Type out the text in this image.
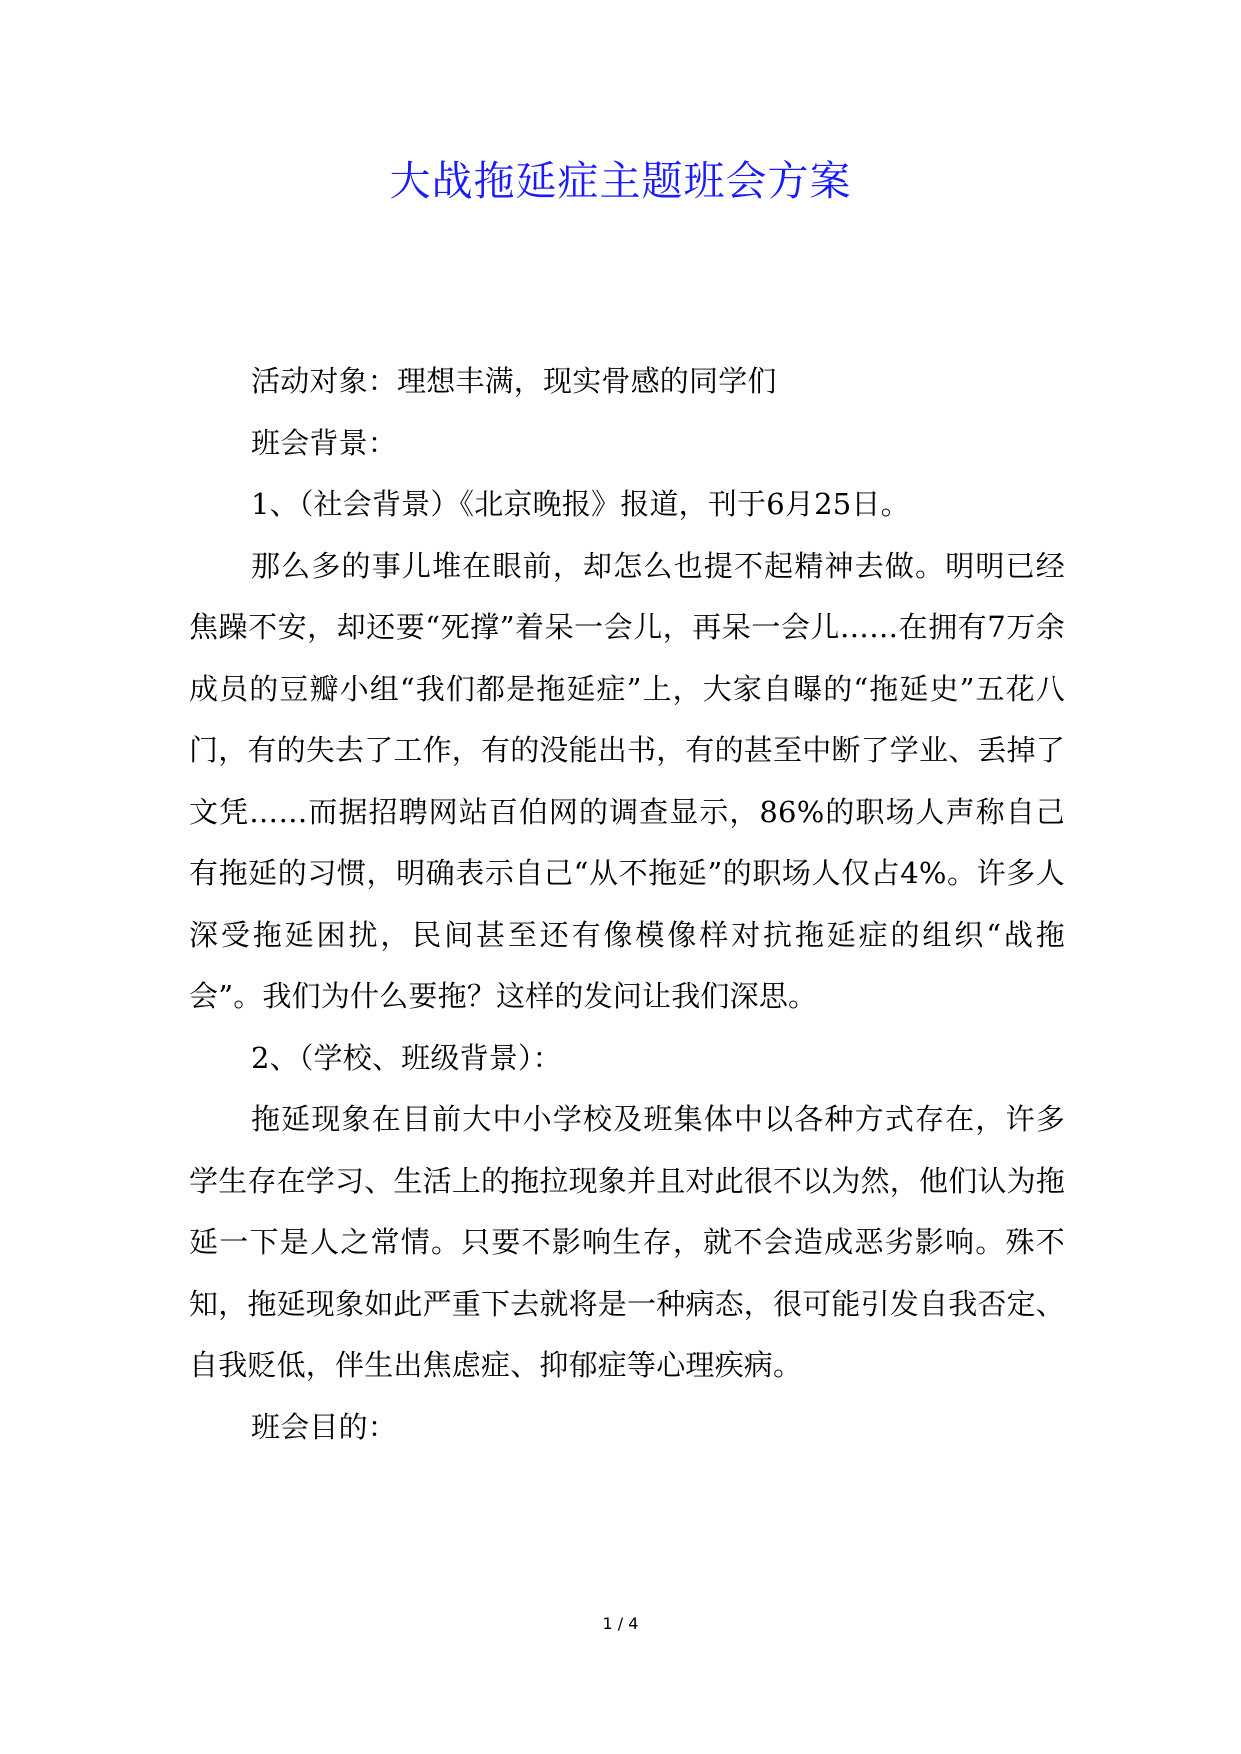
大战拖延症主题班会方案

活动对象：理想丰满，现实骨感的同学们

班会背景：

1、（社会背景）《北京晚报》报道，刊于6月25日。

那么多的事儿堆在眼前，却怎么也提不起精神去做。明明已经焦躁不安，却还要“死撑”着呆一会儿，再呆一会儿……在拥有7万余成员的豆瓣小组“我们都是拖延症”上，大家自曝的“拖延史”五花八门，有的失去了工作，有的没能出书，有的甚至中断了学业、丢掉了文凭……而据招聘网站百伯网的调查显示，86%的职场人声称自己有拖延的习惯，明确表示自己“从不拖延”的职场人仅占4%。许多人深受拖延困扰，民间甚至还有像模像样对抗拖延症的组织“战拖会”。我们为什么要拖？这样的发问让我们深思。

2、（学校、班级背景）：

拖延现象在目前大中小学校及班集体中以各种方式存在，许多学生存在学习、生活上的拖拉现象并且对此很不以为然，他们认为拖延一下是人之常情。只要不影响生存，就不会造成恶劣影响。殊不知，拖延现象如此严重下去就将是一种病态，很可能引发自我否定、自我贬低，伴生出焦虑症、抑郁症等心理疾病。

班会目的：

1 / 4
